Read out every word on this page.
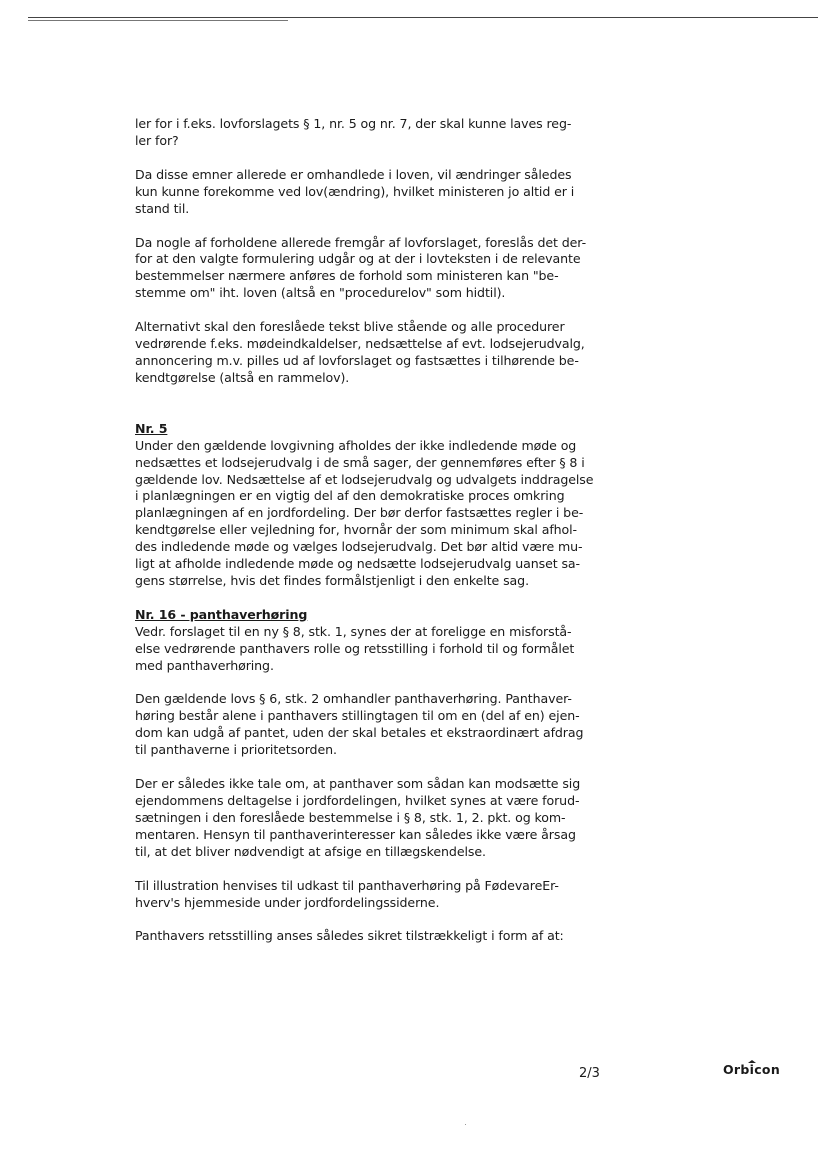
ler for i f.eks. lovforslagets § 1, nr. 5 og nr. 7, der skal kunne laves reg-
ler for?

Da disse emner allerede er omhandlede i loven, vil ændringer således
kun kunne forekomme ved lov(ændring), hvilket ministeren jo altid er i
stand til.

Da nogle af forholdene allerede fremgår af lovforslaget, foreslås det der-
for at den valgte formulering udgår og at der i lovteksten i de relevante
bestemmelser nærmere anføres de forhold som ministeren kan "be-
stemme om" iht. loven (altså en "procedurelov" som hidtil).

Alternativt skal den foreslåede tekst blive stående og alle procedurer
vedrørende f.eks. mødeindkaldelser, nedsættelse af evt. lodsejerudvalg,
annoncering m.v. pilles ud af lovforslaget og fastsættes i tilhørende be-
kendtgørelse (altså en rammelov).

Nr. 5

Under den gældende lovgivning afholdes der ikke indledende møde og
nedsættes et lodsejerudvalg i de små sager, der gennemføres efter § 8 i
gældende lov. Nedsættelse af et lodsejerudvalg og udvalgets inddragelse
i planlægningen er en vigtig del af den demokratiske proces omkring
planlægningen af en jordfordeling. Der bør derfor fastsættes regler i be-
kendtgørelse eller vejledning for, hvornår der som minimum skal afhol-
des indledende møde og vælges lodsejerudvalg. Det bør altid være mu-
ligt at afholde indledende møde og nedsætte lodsejerudvalg uanset sa-
gens størrelse, hvis det findes formålstjenligt i den enkelte sag.

Nr. 16 - panthaverhøring

Vedr. forslaget til en ny § 8, stk. 1, synes der at foreligge en misforstå-
else vedrørende panthavers rolle og retsstilling i forhold til og formålet
med panthaverhøring.

Den gældende lovs § 6, stk. 2 omhandler panthaverhøring. Panthaver-
høring består alene i panthavers stillingtagen til om en (del af en) ejen-
dom kan udgå af pantet, uden der skal betales et ekstraordinært afdrag
til panthaverne i prioritetsorden.

Der er således ikke tale om, at panthaver som sådan kan modsætte sig
ejendommens deltagelse i jordfordelingen, hvilket synes at være forud-
sætningen i den foreslåede bestemmelse i § 8, stk. 1, 2. pkt. og kom-
mentaren. Hensyn til panthaverinteresser kan således ikke være årsag
til, at det bliver nødvendigt at afsige en tillægskendelse.

Til illustration henvises til udkast til panthaverhøring på FødevareEr-
hverv's hjemmeside under jordfordelingssiderne.

Panthavers retsstilling anses således sikret tilstrækkeligt i form af at:

2/3	Orbicon
